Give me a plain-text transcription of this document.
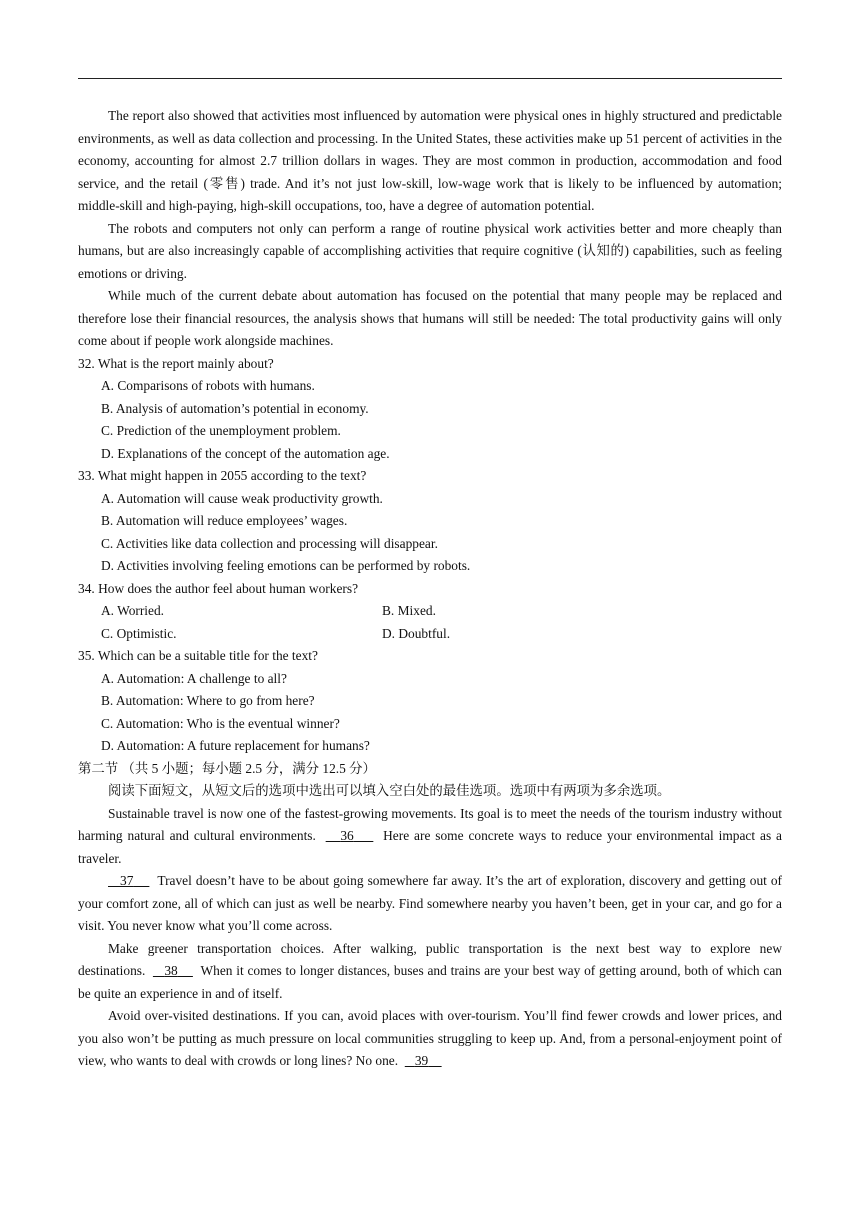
The report also showed that activities most influenced by automation were physical ones in highly structured and predictable environments, as well as data collection and processing. In the United States, these activities make up 51 percent of activities in the economy, accounting for almost 2.7 trillion dollars in wages. They are most common in production, accommodation and food service, and the retail (零售) trade. And it’s not just low-skill, low-wage work that is likely to be influenced by automation; middle-skill and high-paying, high-skill occupations, too, have a degree of automation potential.

The robots and computers not only can perform a range of routine physical work activities better and more cheaply than humans, but are also increasingly capable of accomplishing activities that require cognitive (认知的) capabilities, such as feeling emotions or driving.

While much of the current debate about automation has focused on the potential that many people may be replaced and therefore lose their financial resources, the analysis shows that humans will still be needed: The total productivity gains will only come about if people work alongside machines.

32. What is the report mainly about?

A. Comparisons of robots with humans.

B. Analysis of automation’s potential in economy.

C. Prediction of the unemployment problem.

D. Explanations of the concept of the automation age.

33. What might happen in 2055 according to the text?

A. Automation will cause weak productivity growth.

B. Automation will reduce employees’ wages.

C. Activities like data collection and processing will disappear.

D. Activities involving feeling emotions can be performed by robots.

34. How does the author feel about human workers?

A. Worried.	B. Mixed.
C. Optimistic.	D. Doubtful.

35. Which can be a suitable title for the text?

A. Automation: A challenge to all?

B. Automation: Where to go from here?

C. Automation: Who is the eventual winner?

D. Automation: A future replacement for humans?

第二节 （共 5 小题；每小题 2.5 分，满分 12.5 分）

阅读下面短文，从短文后的选项中选出可以填入空白处的最佳选项。选项中有两项为多余选项。

Sustainable travel is now one of the fastest-growing movements. Its goal is to meet the needs of the tourism industry without harming natural and cultural environments. 36 Here are some concrete ways to reduce your environmental impact as a traveler.

37 Travel doesn’t have to be about going somewhere far away. It’s the art of exploration, discovery and getting out of your comfort zone, all of which can just as well be nearby. Find somewhere nearby you haven’t been, get in your car, and go for a visit. You never know what you’ll come across.

Make greener transportation choices. After walking, public transportation is the next best way to explore new destinations. 38 When it comes to longer distances, buses and trains are your best way of getting around, both of which can be quite an experience in and of itself.

Avoid over-visited destinations. If you can, avoid places with over-tourism. You’ll find fewer crowds and lower prices, and you also won’t be putting as much pressure on local communities struggling to keep up. And, from a personal-enjoyment point of view, who wants to deal with crowds or long lines? No one. 39
